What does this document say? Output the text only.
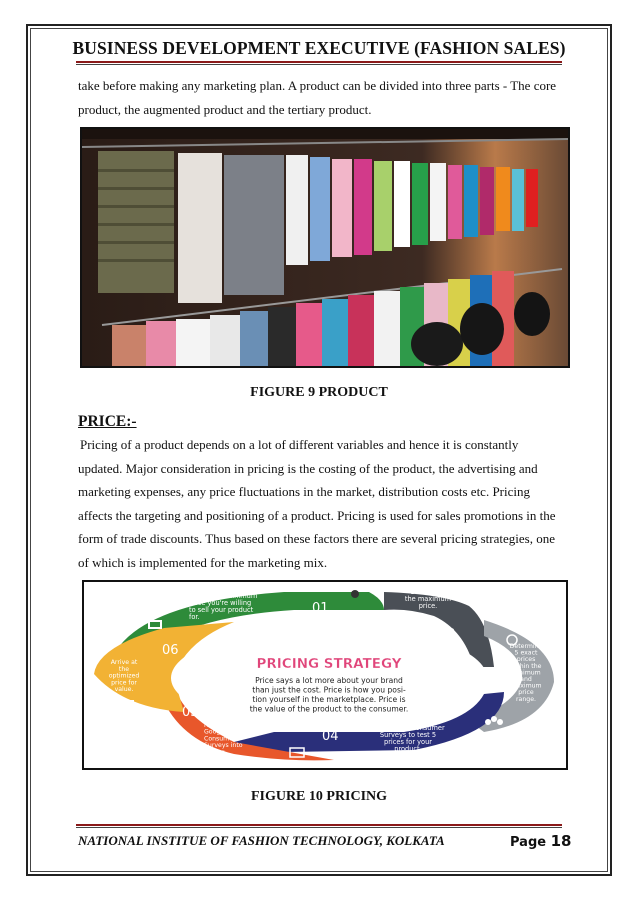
BUSINESS DEVELOPMENT EXECUTIVE (FASHION SALES)
take before making any marketing plan. A product can be divided into three parts - The core product, the augmented product and the tertiary product.
FIGURE 9 PRODUCT
PRICE:-
Pricing of a product depends on a lot of different variables and hence it is constantly updated. Major consideration in pricing is the costing of the product, the advertising and marketing expenses, any price fluctuations in the market, distribution costs etc. Pricing affects the targeting and positioning of a product. Pricing is used for sales promotions in the form of trade discounts. Thus based on these factors there are several pricing strategies, one of which is implemented for the marketing mix.
PRICING STRATEGY
Price says a lot more about your brand
than just the cost. Price is how you posi-
tion yourself in the marketplace. Price is
the value of the product to the consumer.
01
Determine minimum
price you're willing
to sell your product
for.
02
Determine
the maximum
price.
03
Determine
5 exact
prices
within the
minimum
and
maximum
price
range.
04
Use Google Consumer
Surveys to test 5
prices for your
product.
05 Input
results from
Google
Consumer
Surveys into
Pricing
Spreadsheet.
06
Arrive at
the
optimized
price for
value.
FIGURE 10 PRICING
NATIONAL INSTITUE OF FASHION TECHNOLOGY, KOLKATA	Page 18
